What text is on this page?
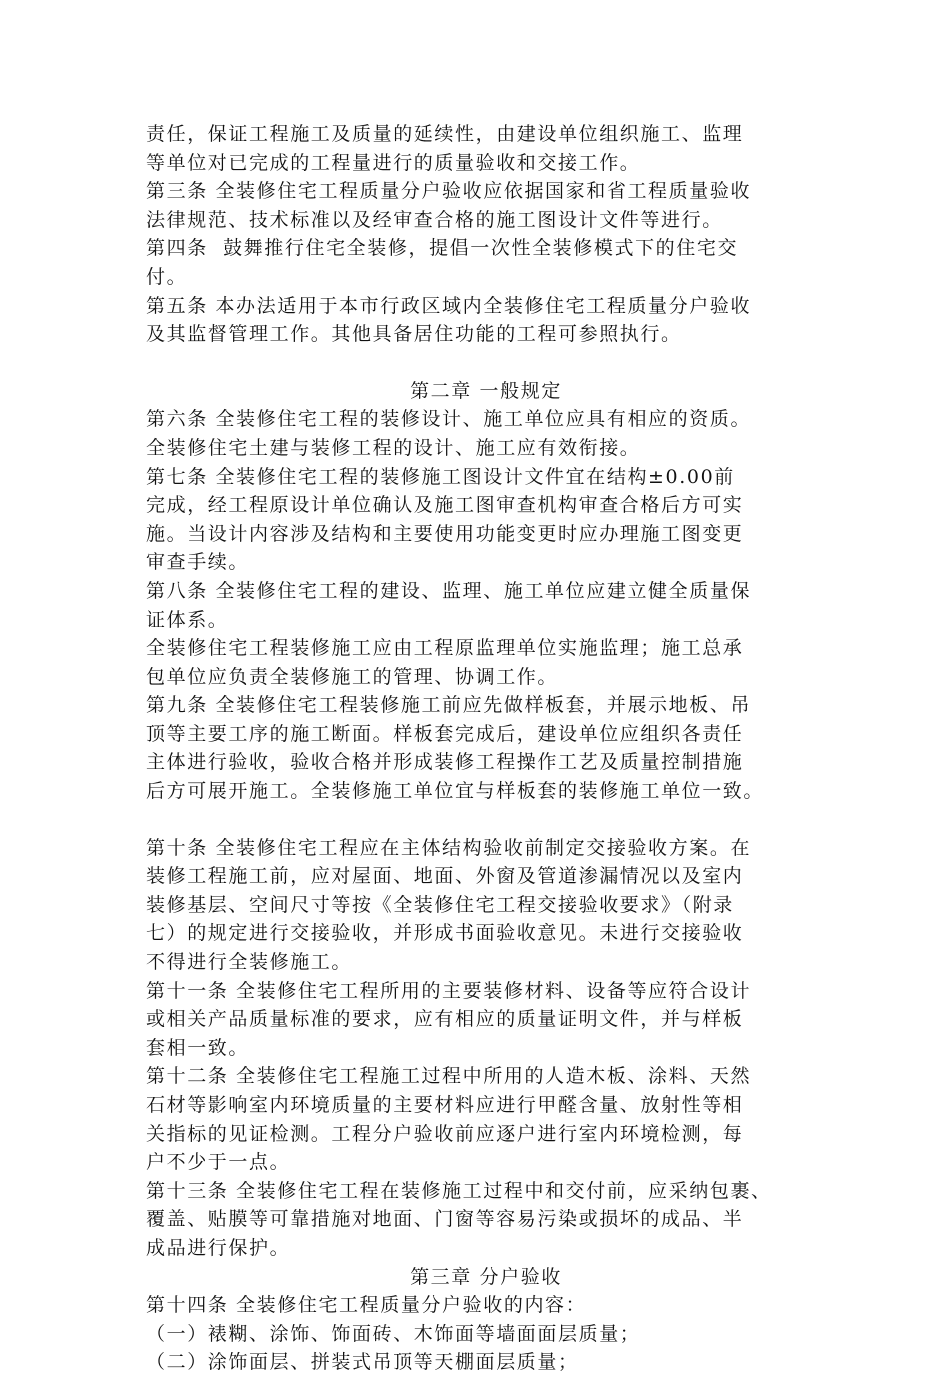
责任，保证工程施工及质量的延续性，由建设单位组织施工、监理
等单位对已完成的工程量进行的质量验收和交接工作。

第三条 全装修住宅工程质量分户验收应依据国家和省工程质量验收
法律规范、技术标准以及经审查合格的施工图设计文件等进行。

第四条  鼓舞推行住宅全装修，提倡一次性全装修模式下的住宅交
付。

第五条 本办法适用于本市行政区域内全装修住宅工程质量分户验收
及其监督管理工作。其他具备居住功能的工程可参照执行。

第二章 一般规定

第六条 全装修住宅工程的装修设计、施工单位应具有相应的资质。
全装修住宅土建与装修工程的设计、施工应有效衔接。

第七条 全装修住宅工程的装修施工图设计文件宜在结构±0.00前
完成，经工程原设计单位确认及施工图审查机构审查合格后方可实
施。当设计内容涉及结构和主要使用功能变更时应办理施工图变更
审查手续。

第八条 全装修住宅工程的建设、监理、施工单位应建立健全质量保
证体系。

全装修住宅工程装修施工应由工程原监理单位实施监理；施工总承
包单位应负责全装修施工的管理、协调工作。

第九条 全装修住宅工程装修施工前应先做样板套，并展示地板、吊
顶等主要工序的施工断面。样板套完成后，建设单位应组织各责任
主体进行验收，验收合格并形成装修工程操作工艺及质量控制措施
后方可展开施工。全装修施工单位宜与样板套的装修施工单位一致。

第十条 全装修住宅工程应在主体结构验收前制定交接验收方案。在
装修工程施工前，应对屋面、地面、外窗及管道渗漏情况以及室内
装修基层、空间尺寸等按《全装修住宅工程交接验收要求》（附录
七）的规定进行交接验收，并形成书面验收意见。未进行交接验收
不得进行全装修施工。

第十一条 全装修住宅工程所用的主要装修材料、设备等应符合设计
或相关产品质量标准的要求，应有相应的质量证明文件，并与样板
套相一致。

第十二条 全装修住宅工程施工过程中所用的人造木板、涂料、天然
石材等影响室内环境质量的主要材料应进行甲醛含量、放射性等相
关指标的见证检测。工程分户验收前应逐户进行室内环境检测，每
户不少于一点。

第十三条 全装修住宅工程在装修施工过程中和交付前，应采纳包裹、
覆盖、贴膜等可靠措施对地面、门窗等容易污染或损坏的成品、半
成品进行保护。

第三章 分户验收

第十四条 全装修住宅工程质量分户验收的内容：

（一）裱糊、涂饰、饰面砖、木饰面等墙面面层质量；

（二）涂饰面层、拼装式吊顶等天棚面层质量；
